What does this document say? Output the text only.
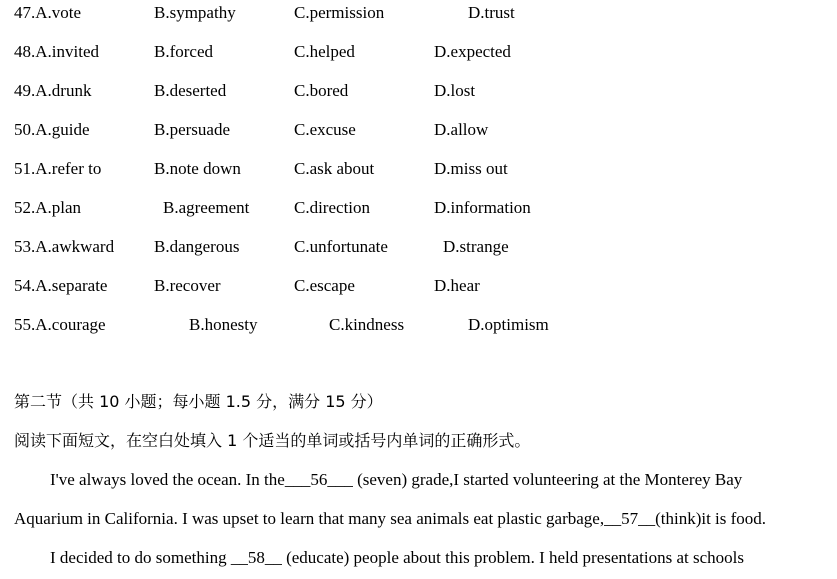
47.A.vote	B.sympathy	C.permission	D.trust
48.A.invited	B.forced	C.helped	D.expected
49.A.drunk	B.deserted	C.bored	D.lost
50.A.guide	B.persuade	C.excuse	D.allow
51.A.refer to	B.note down	C.ask about	D.miss out
52.A.plan	B.agreement	C.direction	D.information
53.A.awkward B.dangerous	C.unfortunate	D.strange
54.A.separate	B.recover	C.escape	D.hear
55.A.courage	B.honesty	C.kindness	D.optimism
第二节（共 10 小题；每小题 1.5 分，满分 15 分）
阅读下面短文，在空白处填入 1 个适当的单词或括号内单词的正确形式。
I've always loved the ocean. In the___56___ (seven) grade,I started volunteering at the Monterey Bay
Aquarium in California. I was upset to learn that many sea animals eat plastic garbage,__57__(think)it is food.
I decided to do something __58__ (educate) people about this problem. I held presentations at schools
